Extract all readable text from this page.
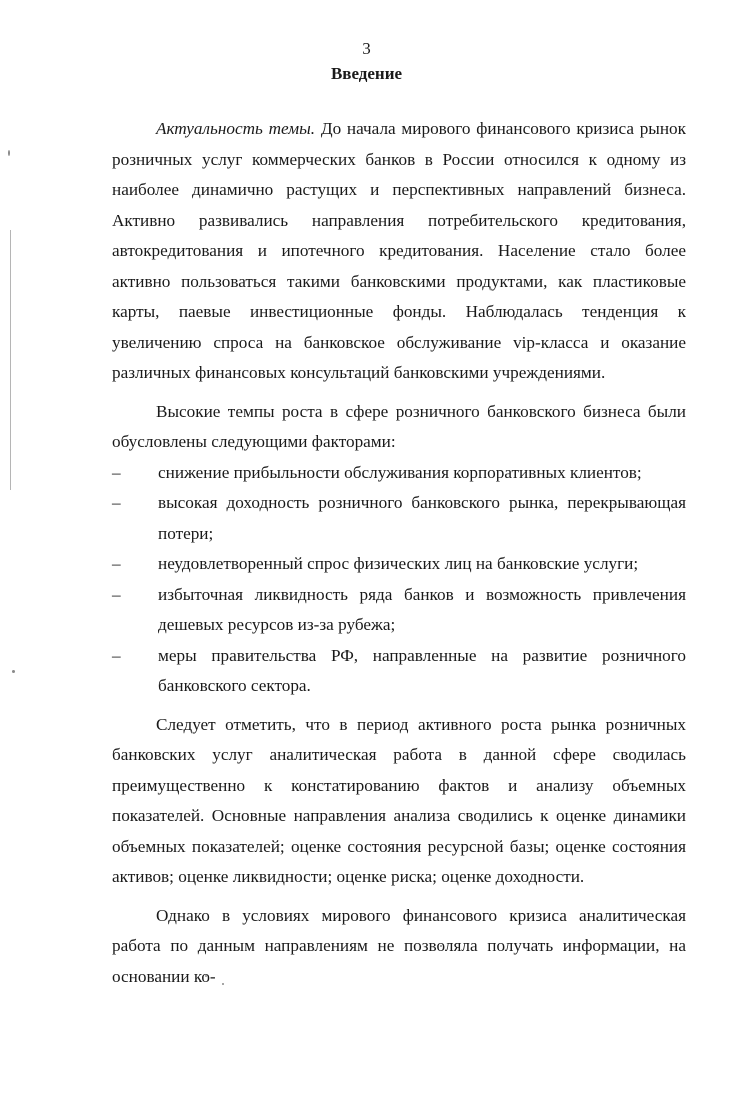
3
Введение

Актуальность темы. До начала мирового финансового кризиса рынок розничных услуг коммерческих банков в России относился к одному из наиболее динамично растущих и перспективных направлений бизнеса. Активно развивались направления потребительского кредитования, автокредитования и ипотечного кредитования. Население стало более активно пользоваться такими банковскими продуктами, как пластиковые карты, паевые инвестиционные фонды. Наблюдалась тенденция к увеличению спроса на банковское обслуживание vip-класса и оказание различных финансовых консультаций банковскими учреждениями.

Высокие темпы роста в сфере розничного банковского бизнеса были обусловлены следующими факторами:

– снижение прибыльности обслуживания корпоративных клиентов;
– высокая доходность розничного банковского рынка, перекрывающая потери;
– неудовлетворенный спрос физических лиц на банковские услуги;
– избыточная ликвидность ряда банков и возможность привлечения дешевых ресурсов из-за рубежа;
– меры правительства РФ, направленные на развитие розничного банковского сектора.

Следует отметить, что в период активного роста рынка розничных банковских услуг аналитическая работа в данной сфере сводилась преимущественно к констатированию фактов и анализу объемных показателей. Основные направления анализа сводились к оценке динамики объемных показателей; оценке состояния ресурсной базы; оценке состояния активов; оценке ликвидности; оценке риска; оценке доходности.

Однако в условиях мирового финансового кризиса аналитическая работа по данным направлениям не позволяла получать информации, на основании ко-
